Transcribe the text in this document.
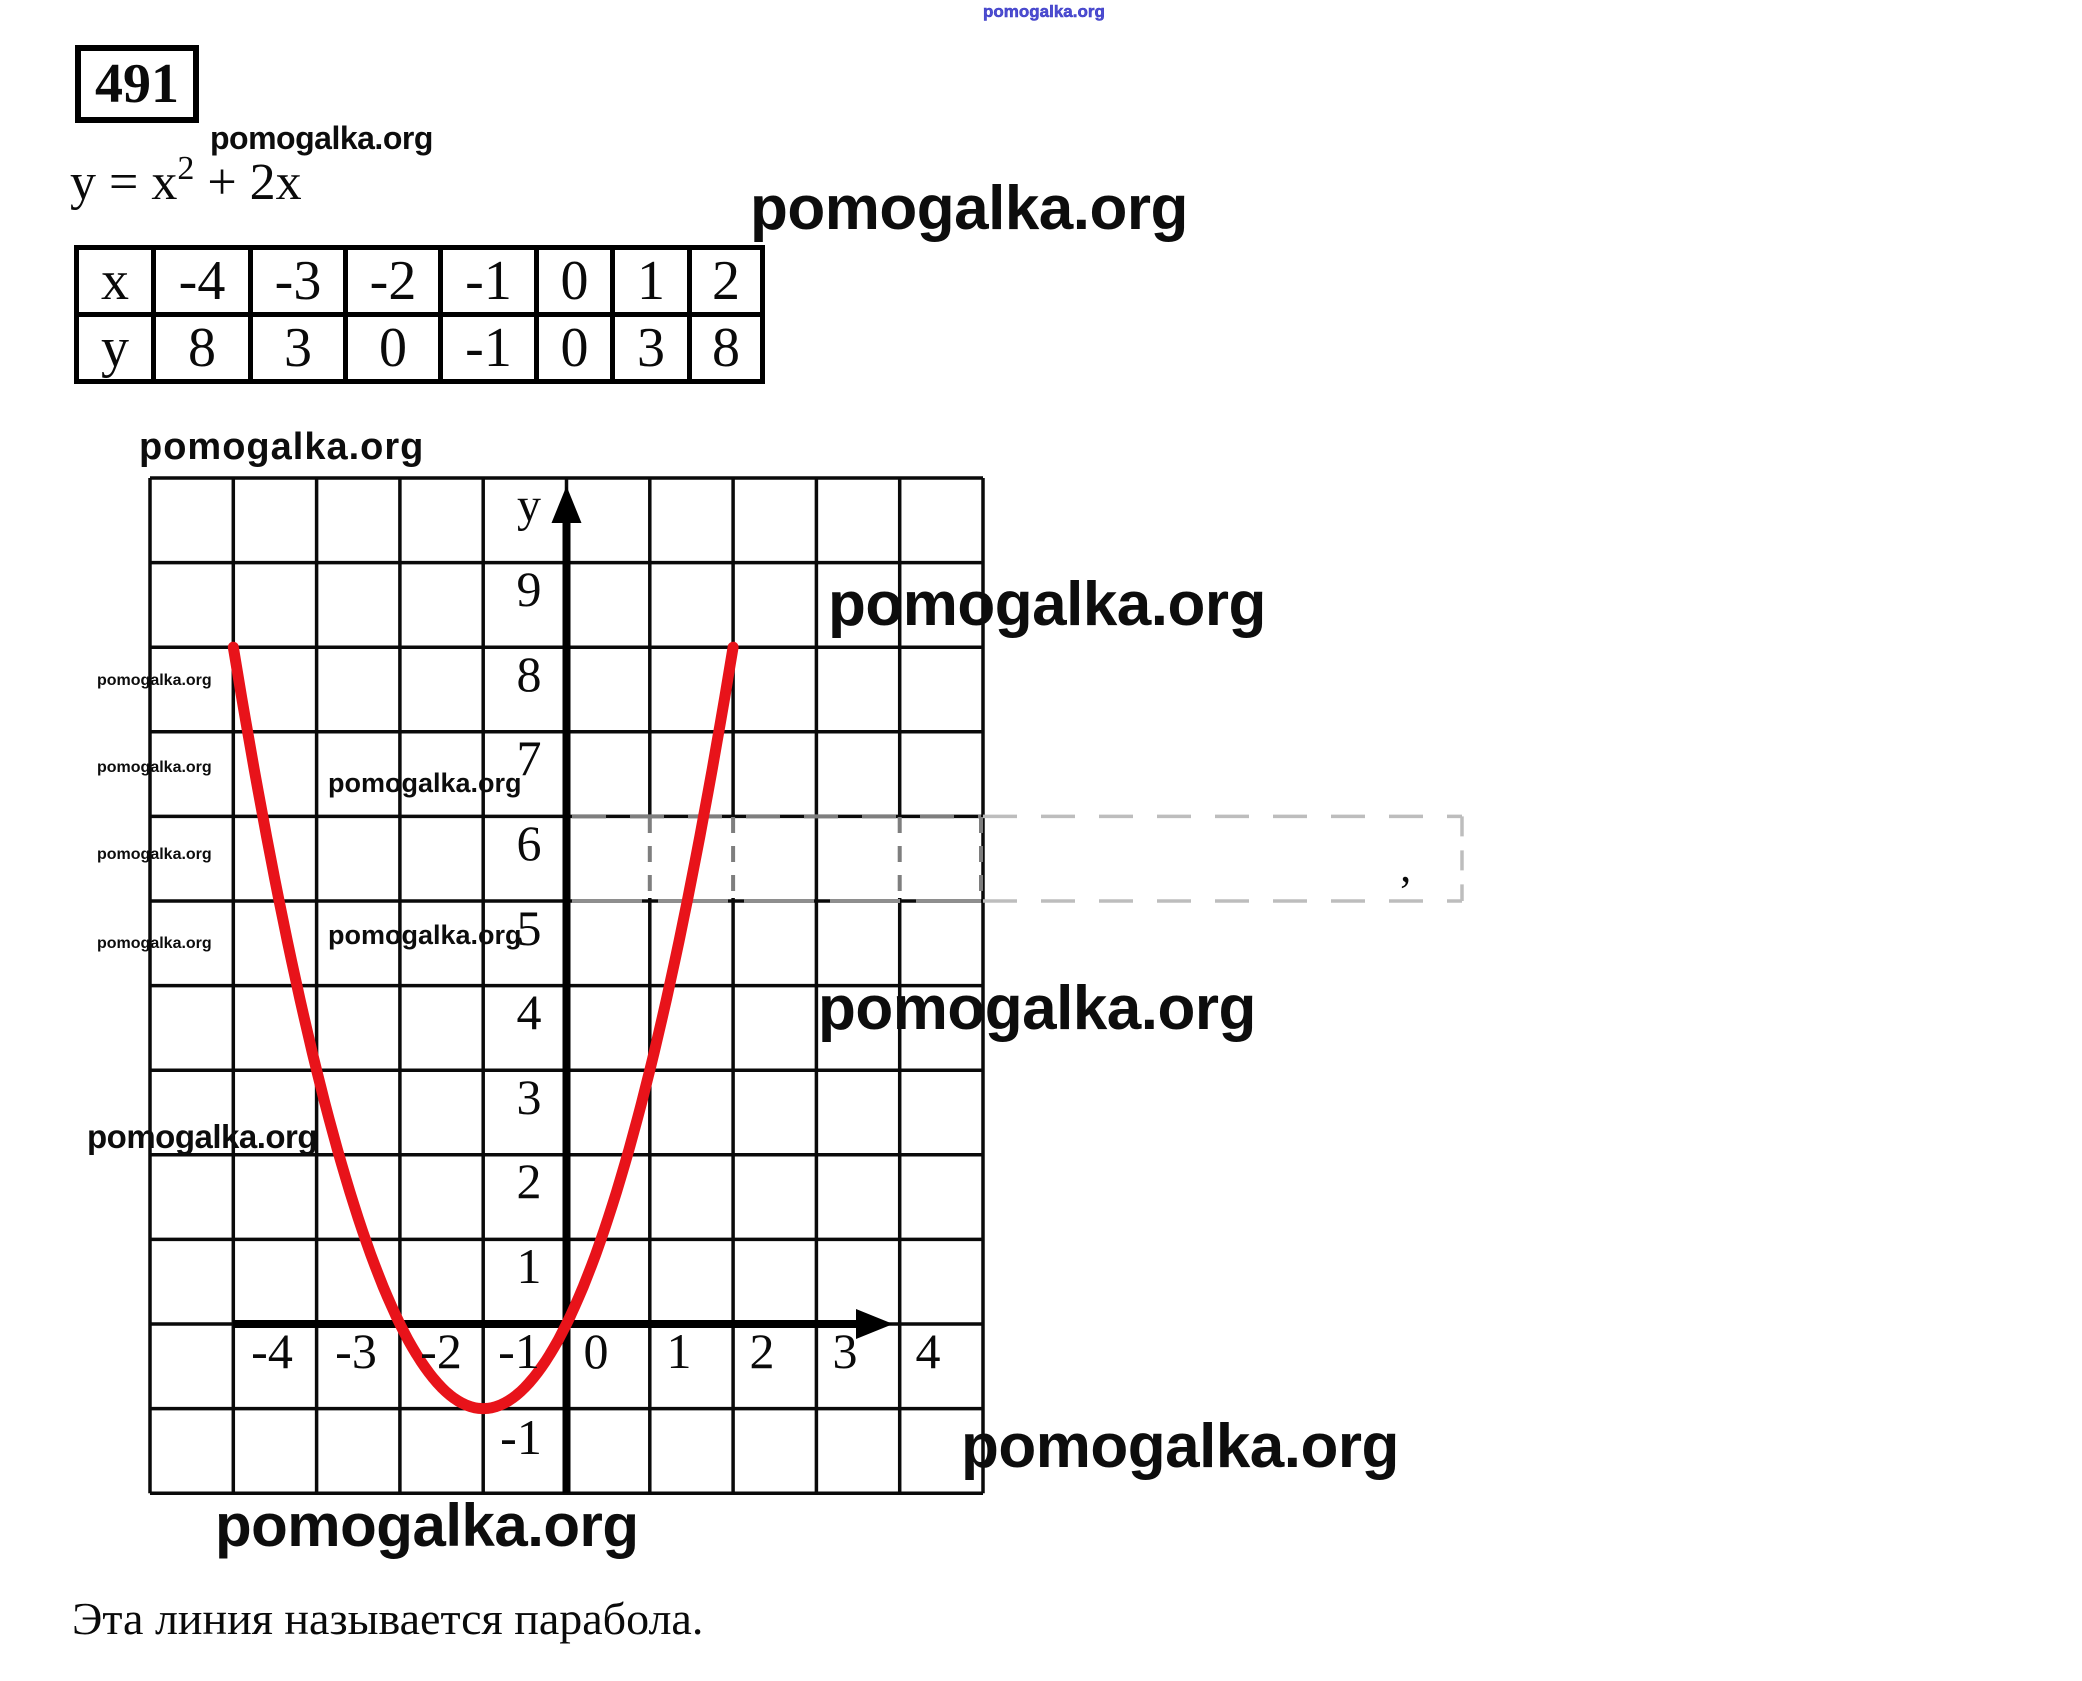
491
$y = x^2 + 2x$
x	-4	-3	-2	-1	0	1	2
y	8	3	0	-1	0	3	8
y
9
8
7
6
5
4
3
2
1
-1
-4 -3 -2 -1 0 1 2 3 4
pomogalka.org
pomogalka.org
pomogalka.org
pomogalka.org
pomogalka.org
pomogalka.org
pomogalka.org
pomogalka.org
pomogalka.org
pomogalka.org
pomogalka.org
pomogalka.org
pomogalka.org
pomogalka.org
pomogalka.org
’
Эта линия называется парабола.
